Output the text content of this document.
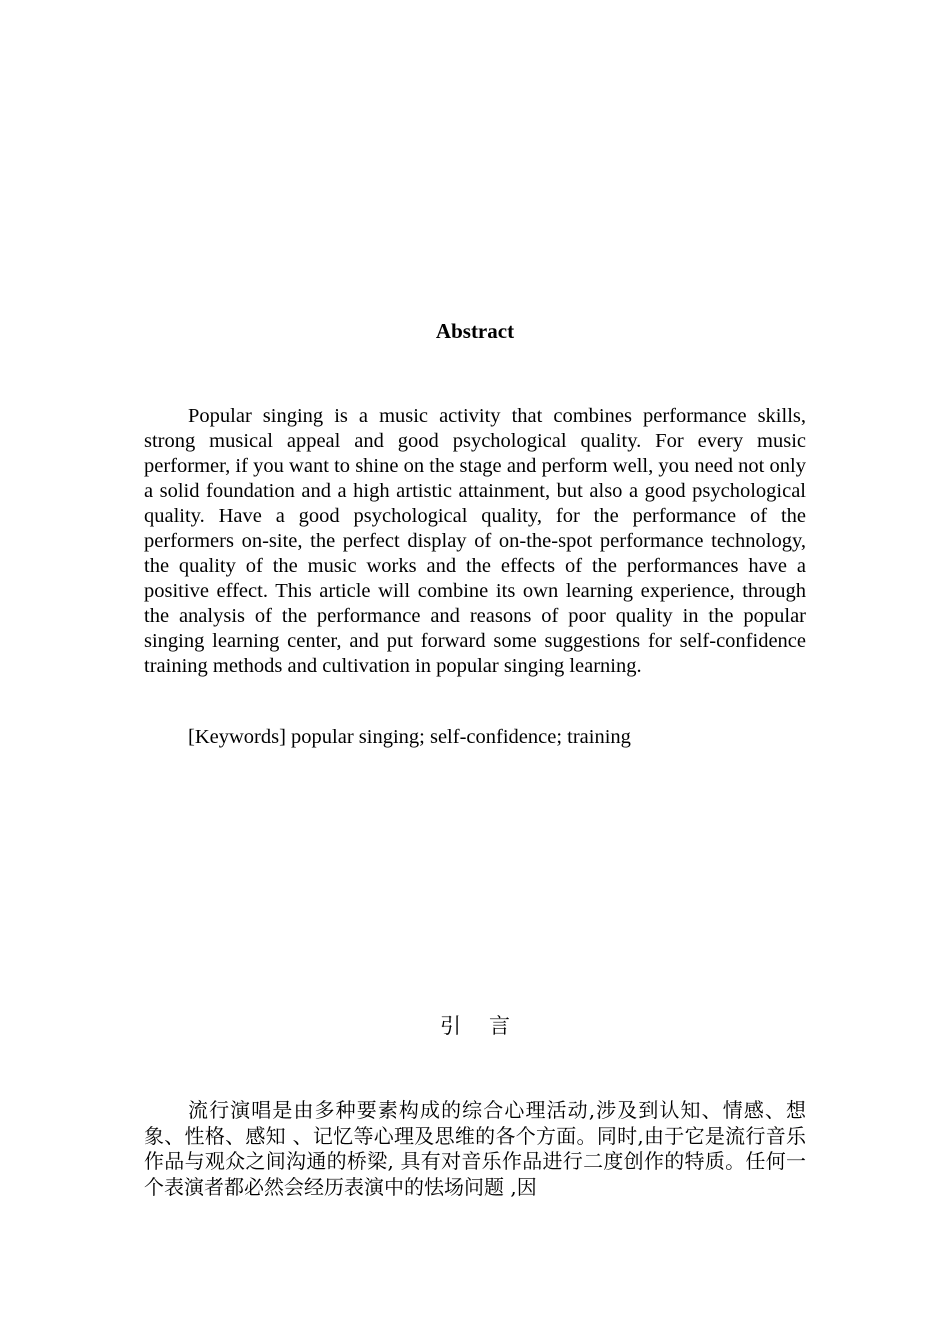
Abstract

Popular singing is a music activity that combines performance skills, strong musical appeal and good psychological quality. For every music performer, if you want to shine on the stage and perform well, you need not only a solid foundation and a high artistic attainment, but also a good psychological quality. Have a good psychological quality, for the performance of the performers on-site, the perfect display of on-the-spot performance technology, the quality of the music works and the effects of the performances have a positive effect. This article will combine its own learning experience, through the analysis of the performance and reasons of poor quality in the popular singing learning center, and put forward some suggestions for self-confidence training methods and cultivation in popular singing learning.

[Keywords] popular singing; self-confidence; training

引言

流行演唱是由多种要素构成的综合心理活动,涉及到认知、情感、想象、性格、感知 、记忆等心理及思维的各个方面。同时,由于它是流行音乐作品与观众之间沟通的桥梁, 具有对音乐作品进行二度创作的特质。任何一个表演者都必然会经历表演中的怯场问题 ,因
